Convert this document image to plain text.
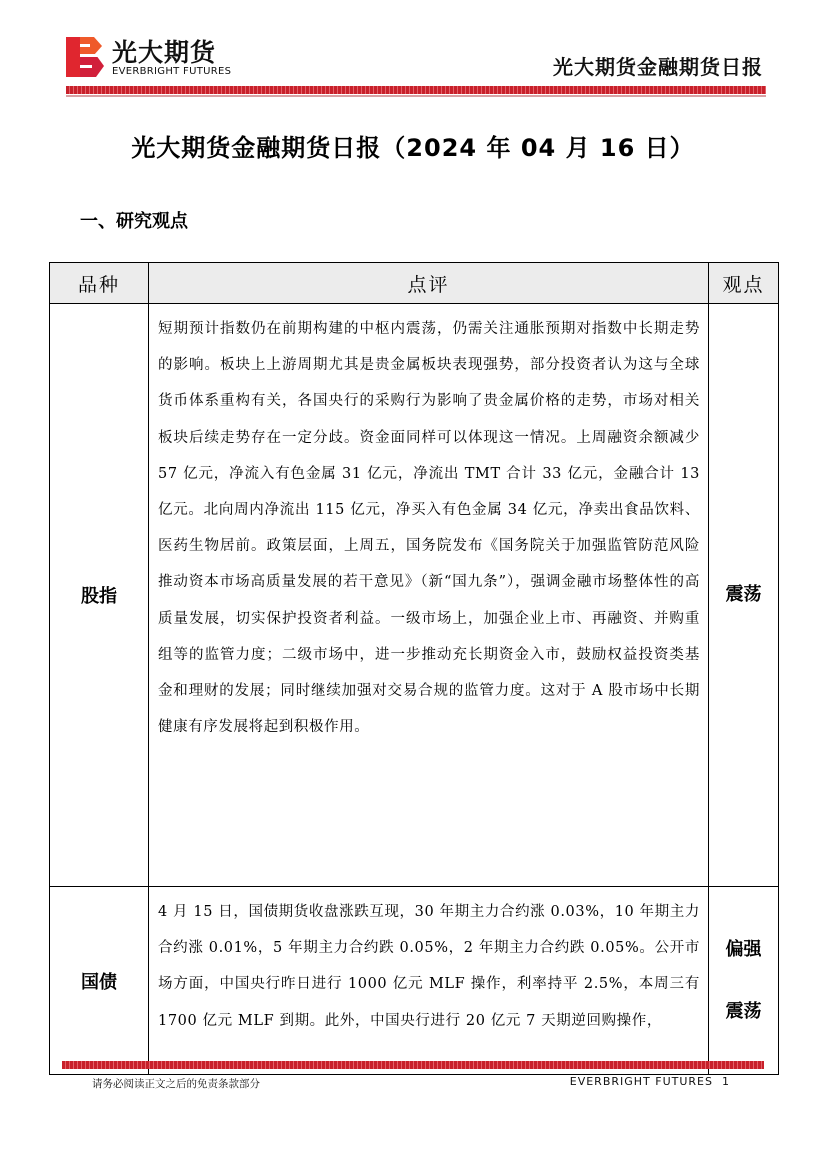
光大期货
EVERBRIGHT FUTURES	光大期货金融期货日报
光大期货金融期货日报（2024 年 04 月 16 日）
一、研究观点
品种	点评	观点
股指	短期预计指数仍在前期构建的中枢内震荡，仍需关注通胀预期对指数中长期走势的影响。板块上上游周期尤其是贵金属板块表现强势，部分投资者认为这与全球货币体系重构有关，各国央行的采购行为影响了贵金属价格的走势，市场对相关板块后续走势存在一定分歧。资金面同样可以体现这一情况。上周融资余额减少 57 亿元，净流入有色金属 31 亿元，净流出 TMT 合计 33 亿元，金融合计 13 亿元。北向周内净流出 115 亿元，净买入有色金属 34 亿元，净卖出食品饮料、医药生物居前。政策层面，上周五，国务院发布《国务院关于加强监管防范风险推动资本市场高质量发展的若干意见》（新“国九条”），强调金融市场整体性的高质量发展，切实保护投资者利益。一级市场上，加强企业上市、再融资、并购重组等的监管力度；二级市场中，进一步推动充长期资金入市，鼓励权益投资类基金和理财的发展；同时继续加强对交易合规的监管力度。这对于 A 股市场中长期健康有序发展将起到积极作用。	震荡

国债	4 月 15 日，国债期货收盘涨跌互现，30 年期主力合约涨 0.03%，10 年期主力合约涨 0.01%，5 年期主力合约跌 0.05%，2 年期主力合约跌 0.05%。公开市场方面，中国央行昨日进行 1000 亿元 MLF 操作，利率持平 2.5%，本周三有 1700 亿元 MLF 到期。此外，中国央行进行 20 亿元 7 天期逆回购操作，	偏强
震荡
请务必阅读正文之后的免责条款部分	EVERBRIGHT FUTURES 1
